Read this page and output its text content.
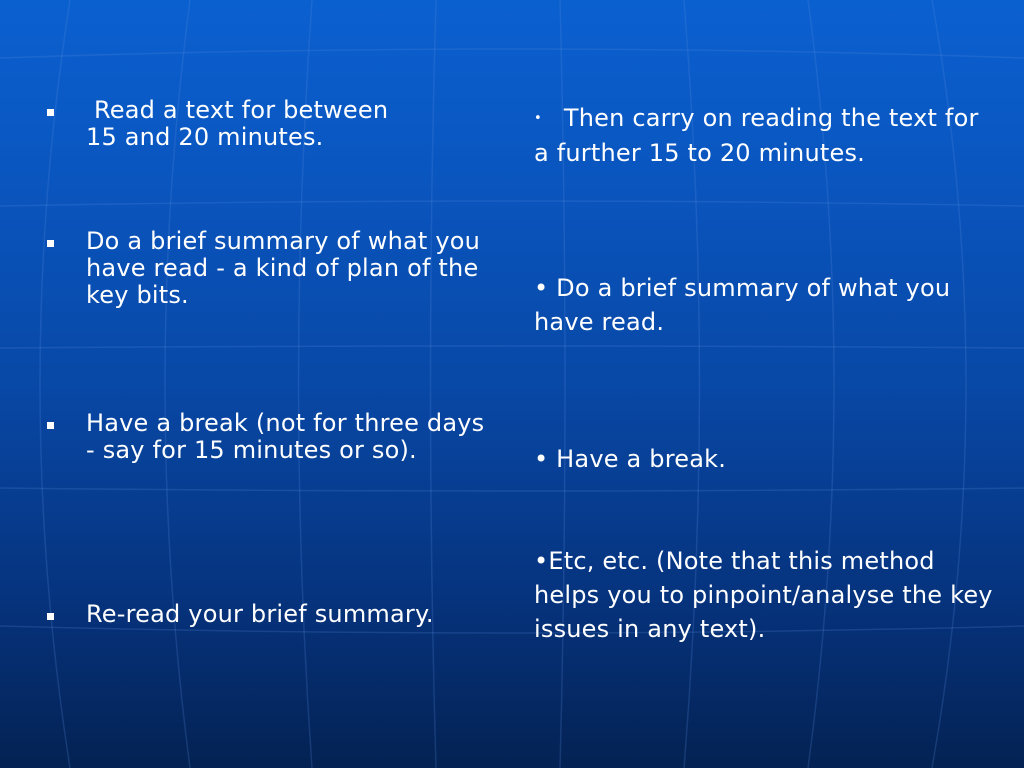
Read a text for between
15 and 20 minutes.
Do a brief summary of what you have read - a kind of plan of the key bits.
Have a break (not for three days - say for 15 minutes or so).
Re-read your brief summary.
• Then carry on reading the text for a further 15 to 20 minutes.
• Do a brief summary of what you have read.
• Have a break.
•Etc, etc. (Note that this method helps you to pinpoint/analyse the key issues in any text).
